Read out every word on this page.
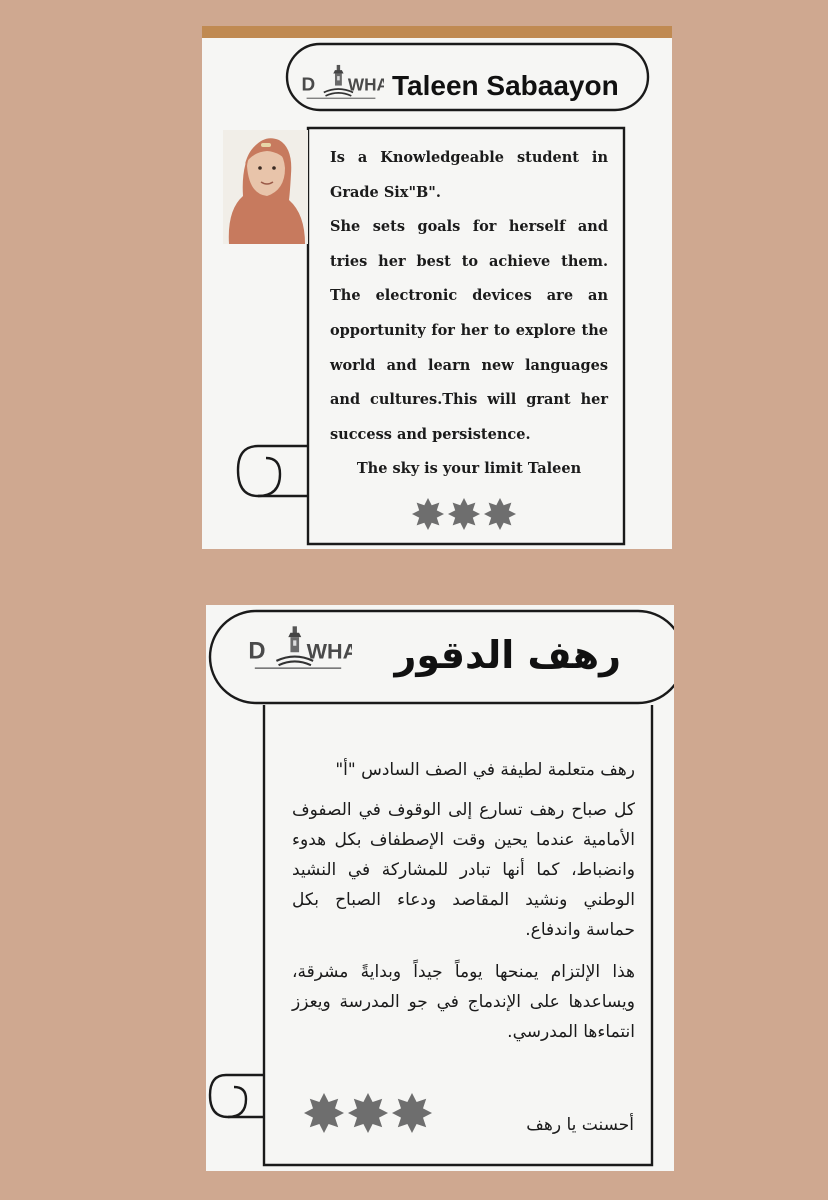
Taleen Sabaayon

Is a Knowledgeable student in Grade Six"B".

She sets goals for herself and tries her best to achieve them. The electronic devices are an opportunity for her to explore the world and learn new languages and cultures.This will grant her success and persistence.

The sky is your limit Taleen

رهف الدقور

رهف متعلمة لطيفة في الصف السادس "أ"

كل صباح رهف تسارع إلى الوقوف في الصفوف الأمامية عندما يحين وقت الإصطفاف بكل هدوء وانضباط، كما أنها تبادر للمشاركة في النشيد الوطني ونشيد المقاصد ودعاء الصباح بكل حماسة واندفاع.

هذا الإلتزام يمنحها يوماً جيداً وبدايةً مشرقة، ويساعدها على الإندماج في جو المدرسة ويعزز انتماءها المدرسي.

أحسنت يا رهف
